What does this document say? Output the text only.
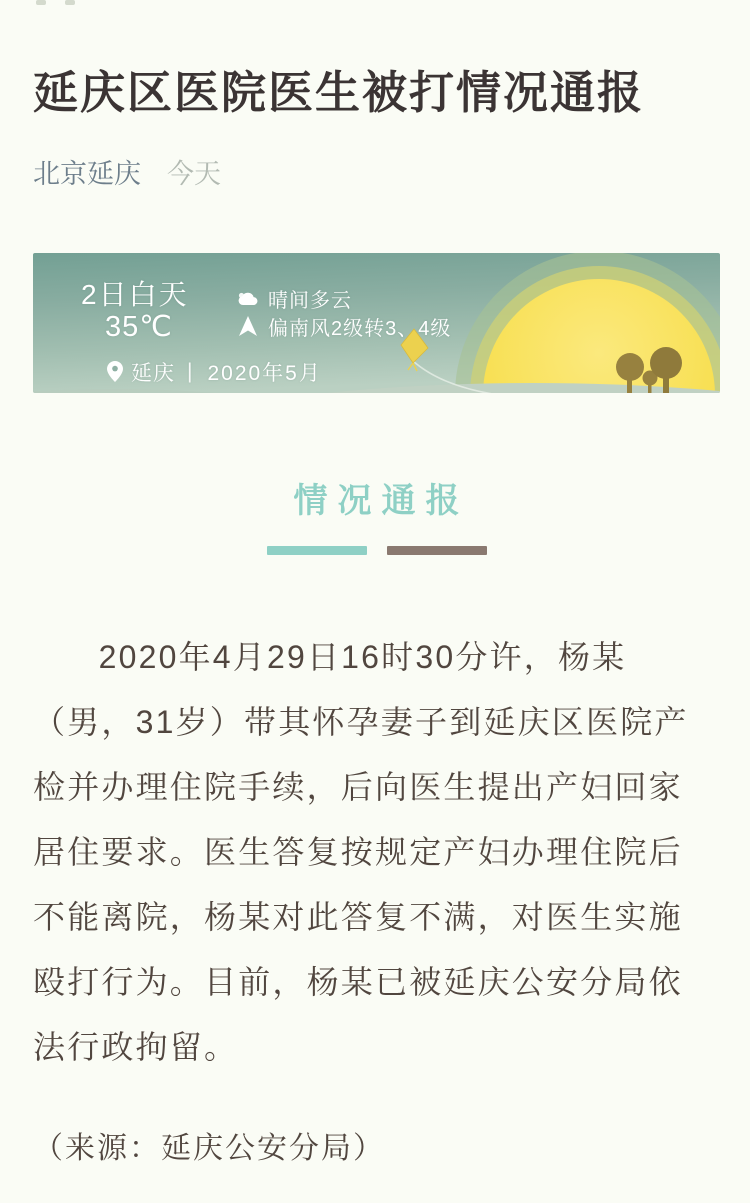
延庆区医院医生被打情况通报
北京延庆 今天
2日白天
35℃
晴间多云
偏南风2级转3、4级
延庆 | 2020年5月
情况通报
2020年4月29日16时30分许，杨某
（男，31岁）带其怀孕妻子到延庆区医院产
检并办理住院手续，后向医生提出产妇回家
居住要求。医生答复按规定产妇办理住院后
不能离院，杨某对此答复不满，对医生实施
殴打行为。目前，杨某已被延庆公安分局依
法行政拘留。
（来源：延庆公安分局）
